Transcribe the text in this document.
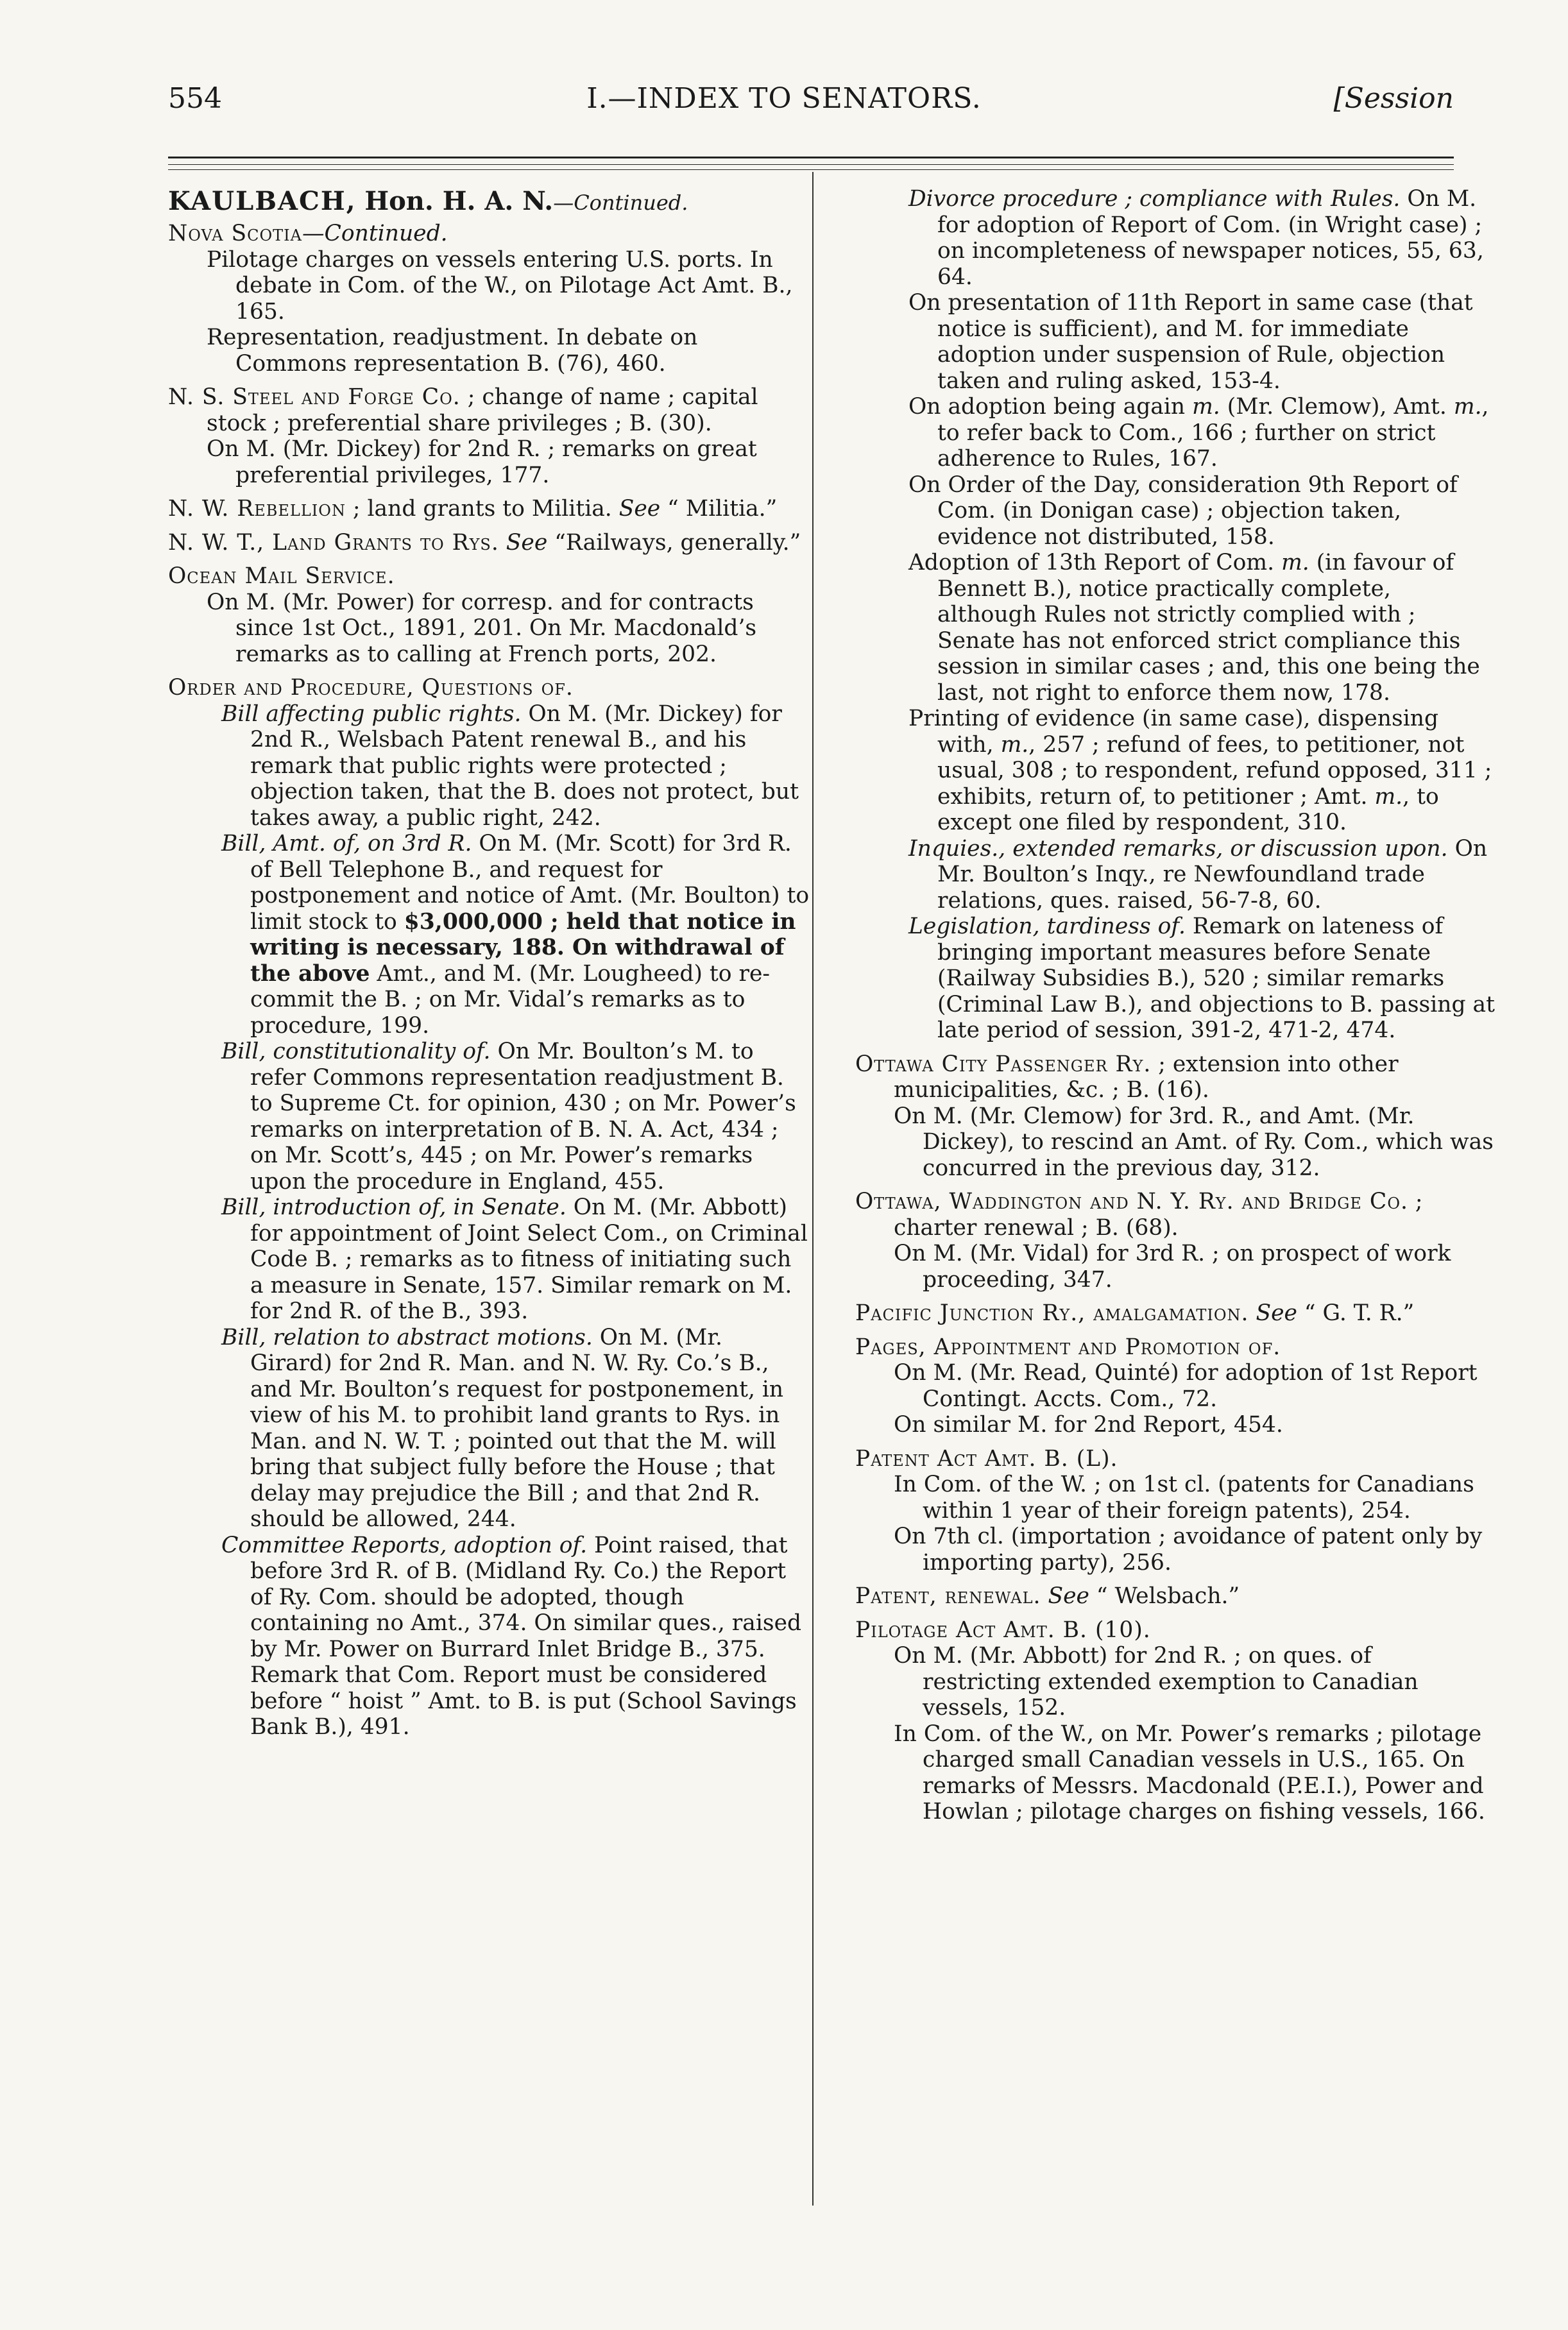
554	I.—INDEX TO SENATORS.	[Session

KAULBACH, Hon. H. A. N.—Continued.

Nova Scotia—Continued.

Pilotage charges on vessels entering U.S. ports. In debate in Com. of the W., on Pilotage Act Amt. B., 165.

Representation, readjustment. In debate on Commons representation B. (76), 460.

N. S. Steel and Forge Co. ; change of name ; capital stock ; preferential share privileges ; B. (30).

On M. (Mr. Dickey) for 2nd R. ; remarks on great preferential privileges, 177.

N. W. Rebellion ; land grants to Militia. See “ Militia.”

N. W. T., Land Grants to Rys. See “Railways, generally.”

Ocean Mail Service.

On M. (Mr. Power) for corresp. and for contracts since 1st Oct., 1891, 201. On Mr. Macdonald’s remarks as to calling at French ports, 202.

Order and Procedure, Questions of.

Bill affecting public rights. On M. (Mr. Dickey) for 2nd R., Welsbach Patent renewal B., and his remark that public rights were protected ; objection taken, that the B. does not protect, but takes away, a public right, 242.

Bill, Amt. of, on 3rd R. On M. (Mr. Scott) for 3rd R. of Bell Telephone B., and request for postponement and notice of Amt. (Mr. Boulton) to limit stock to $3,000,000 ; held that notice in writing is necessary, 188. On withdrawal of the above Amt., and M. (Mr. Lougheed) to re-commit the B. ; on Mr. Vidal’s remarks as to procedure, 199.

Bill, constitutionality of. On Mr. Boulton’s M. to refer Commons representation readjustment B. to Supreme Ct. for opinion, 430 ; on Mr. Power’s remarks on interpretation of B. N. A. Act, 434 ; on Mr. Scott’s, 445 ; on Mr. Power’s remarks upon the procedure in England, 455.

Bill, introduction of, in Senate. On M. (Mr. Abbott) for appointment of Joint Select Com., on Criminal Code B. ; remarks as to fitness of initiating such a measure in Senate, 157. Similar remark on M. for 2nd R. of the B., 393.

Bill, relation to abstract motions. On M. (Mr. Girard) for 2nd R. Man. and N. W. Ry. Co.’s B., and Mr. Boulton’s request for postponement, in view of his M. to prohibit land grants to Rys. in Man. and N. W. T. ; pointed out that the M. will bring that subject fully before the House ; that delay may prejudice the Bill ; and that 2nd R. should be allowed, 244.

Committee Reports, adoption of. Point raised, that before 3rd R. of B. (Midland Ry. Co.) the Report of Ry. Com. should be adopted, though containing no Amt., 374. On similar ques., raised by Mr. Power on Burrard Inlet Bridge B., 375. Remark that Com. Report must be considered before “ hoist ” Amt. to B. is put (School Savings Bank B.), 491.

Divorce procedure ; compliance with Rules. On M. for adoption of Report of Com. (in Wright case) ; on incompleteness of newspaper notices, 55, 63, 64.

On presentation of 11th Report in same case (that notice is sufficient), and M. for immediate adoption under suspension of Rule, objection taken and ruling asked, 153-4.

On adoption being again m. (Mr. Clemow), Amt. m., to refer back to Com., 166 ; further on strict adherence to Rules, 167.

On Order of the Day, consideration 9th Report of Com. (in Donigan case) ; objection taken, evidence not distributed, 158.

Adoption of 13th Report of Com. m. (in favour of Bennett B.), notice practically complete, although Rules not strictly complied with ; Senate has not enforced strict compliance this session in similar cases ; and, this one being the last, not right to enforce them now, 178.

Printing of evidence (in same case), dispensing with, m., 257 ; refund of fees, to petitioner, not usual, 308 ; to respondent, refund opposed, 311 ; exhibits, return of, to petitioner ; Amt. m., to except one filed by respondent, 310.

Inquies., extended remarks, or discussion upon. On Mr. Boulton’s Inqy., re Newfoundland trade relations, ques. raised, 56-7-8, 60.

Legislation, tardiness of. Remark on lateness of bringing important measures before Senate (Railway Subsidies B.), 520 ; similar remarks (Criminal Law B.), and objections to B. passing at late period of session, 391-2, 471-2, 474.

Ottawa City Passenger Ry. ; extension into other municipalities, &c. ; B. (16).

On M. (Mr. Clemow) for 3rd. R., and Amt. (Mr. Dickey), to rescind an Amt. of Ry. Com., which was concurred in the previous day, 312.

Ottawa, Waddington and N. Y. Ry. and Bridge Co. ; charter renewal ; B. (68).

On M. (Mr. Vidal) for 3rd R. ; on prospect of work proceeding, 347.

Pacific Junction Ry., amalgamation. See “ G. T. R.”

Pages, Appointment and Promotion of.

On M. (Mr. Read, Quinté) for adoption of 1st Report Contingt. Accts. Com., 72.

On similar M. for 2nd Report, 454.

Patent Act Amt. B. (L).

In Com. of the W. ; on 1st cl. (patents for Canadians within 1 year of their foreign patents), 254.

On 7th cl. (importation ; avoidance of patent only by importing party), 256.

Patent, renewal. See “ Welsbach.”

Pilotage Act Amt. B. (10).

On M. (Mr. Abbott) for 2nd R. ; on ques. of restricting extended exemption to Canadian vessels, 152.

In Com. of the W., on Mr. Power’s remarks ; pilotage charged small Canadian vessels in U.S., 165. On remarks of Messrs. Macdonald (P.E.I.), Power and Howlan ; pilotage charges on fishing vessels, 166.
